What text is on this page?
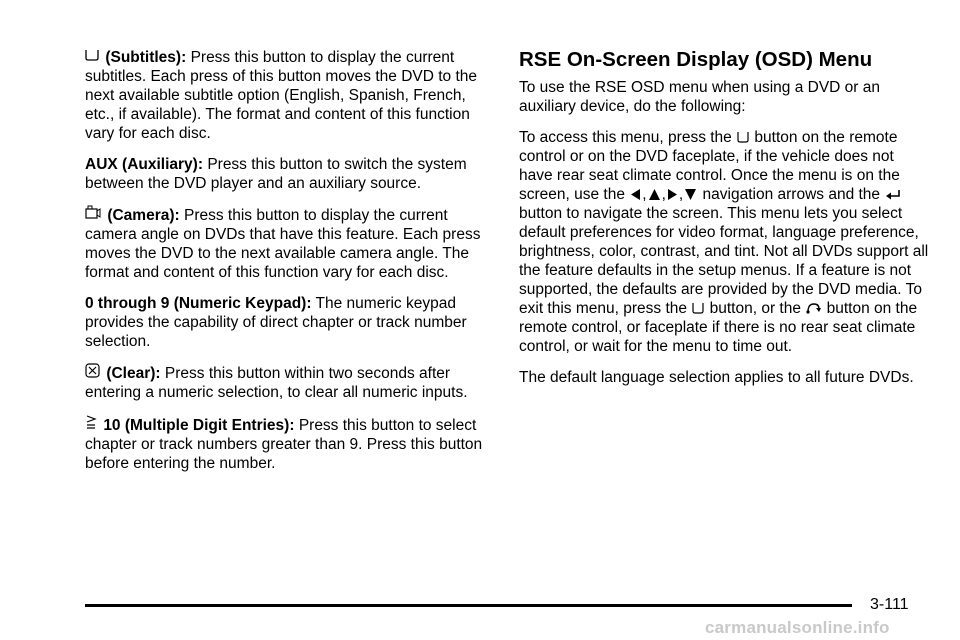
(Subtitles): Press this button to display the current subtitles. Each press of this button moves the DVD to the next available subtitle option (English, Spanish, French, etc., if available). The format and content of this function vary for each disc.

AUX (Auxiliary): Press this button to switch the system between the DVD player and an auxiliary source.

(Camera): Press this button to display the current camera angle on DVDs that have this feature. Each press moves the DVD to the next available camera angle. The format and content of this function vary for each disc.

0 through 9 (Numeric Keypad): The numeric keypad provides the capability of direct chapter or track number selection.

(Clear): Press this button within two seconds after entering a numeric selection, to clear all numeric inputs.

10 (Multiple Digit Entries): Press this button to select chapter or track numbers greater than 9. Press this button before entering the number.

RSE On-Screen Display (OSD) Menu

To use the RSE OSD menu when using a DVD or an auxiliary device, do the following:

To access this menu, press the button on the remote control or on the DVD faceplate, if the vehicle does not have rear seat climate control. Once the menu is on the screen, use the , , , navigation arrows and the
button to navigate the screen. This menu lets you select default preferences for video format, language preference, brightness, color, contrast, and tint. Not all DVDs support all the feature defaults in the setup menus. If a feature is not supported, the defaults are provided by the DVD media. To exit this menu, press the button, or the button on the remote control, or faceplate if there is no rear seat climate control, or wait for the menu to time out.

The default language selection applies to all future DVDs.

3-111
carmanualsonline.info
